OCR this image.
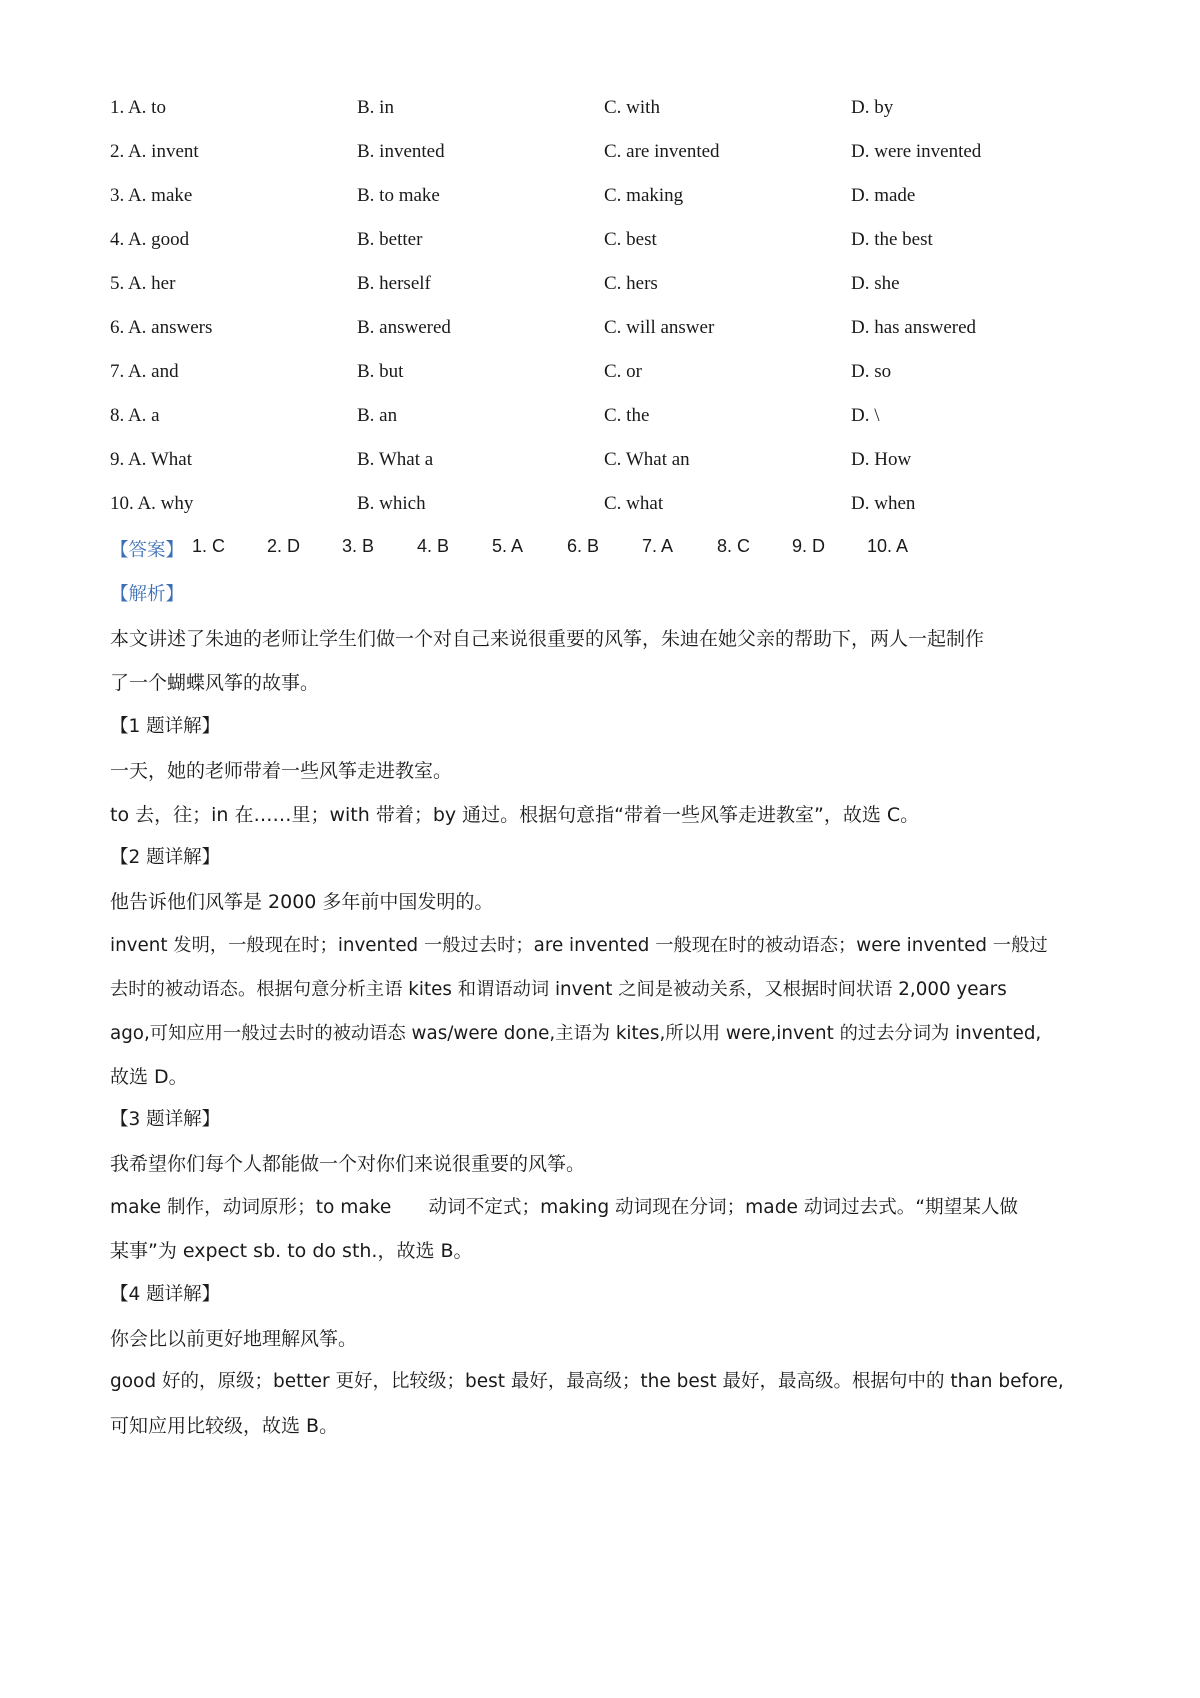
1. A. to	B. in	C. with	D. by
2. A. invent	B. invented	C. are invented	D. were invented
3. A. make	B. to make	C. making	D. made
4. A. good	B. better	C. best	D. the best
5. A. her	B. herself	C. hers	D. she
6. A. answers	B. answered	C. will answer	D. has answered
7. A. and	B. but	C. or	D. so
8. A. a	B. an	C. the	D. \
9. A. What	B. What a	C. What an	D. How
10. A. why	B. which	C. what	D. when
【答案】 1. C 2. D 3. B 4. B 5. A 6. B 7. A 8. C 9. D 10. A
【解析】
本文讲述了朱迪的老师让学生们做一个对自己来说很重要的风筝，朱迪在她父亲的帮助下，两人一起制作
了一个蝴蝶风筝的故事。
【1 题详解】
一天，她的老师带着一些风筝走进教室。
to 去，往；in 在……里；with 带着；by 通过。根据句意指“带着一些风筝走进教室”，故选 C。
【2 题详解】
他告诉他们风筝是 2000 多年前中国发明的。
invent 发明，一般现在时；invented 一般过去时；are invented 一般现在时的被动语态；were invented 一般过
去时的被动语态。根据句意分析主语 kites 和谓语动词 invent 之间是被动关系，又根据时间状语 2,000 years
ago,可知应用一般过去时的被动语态 was/were done,主语为 kites,所以用 were,invent 的过去分词为 invented,
故选 D。
【3 题详解】
我希望你们每个人都能做一个对你们来说很重要的风筝。
make 制作，动词原形；to make　　动词不定式；making 动词现在分词；made 动词过去式。“期望某人做
某事”为 expect sb. to do sth.，故选 B。
【4 题详解】
你会比以前更好地理解风筝。
good 好的，原级；better 更好，比较级；best 最好，最高级；the best 最好，最高级。根据句中的 than before,
可知应用比较级，故选 B。
